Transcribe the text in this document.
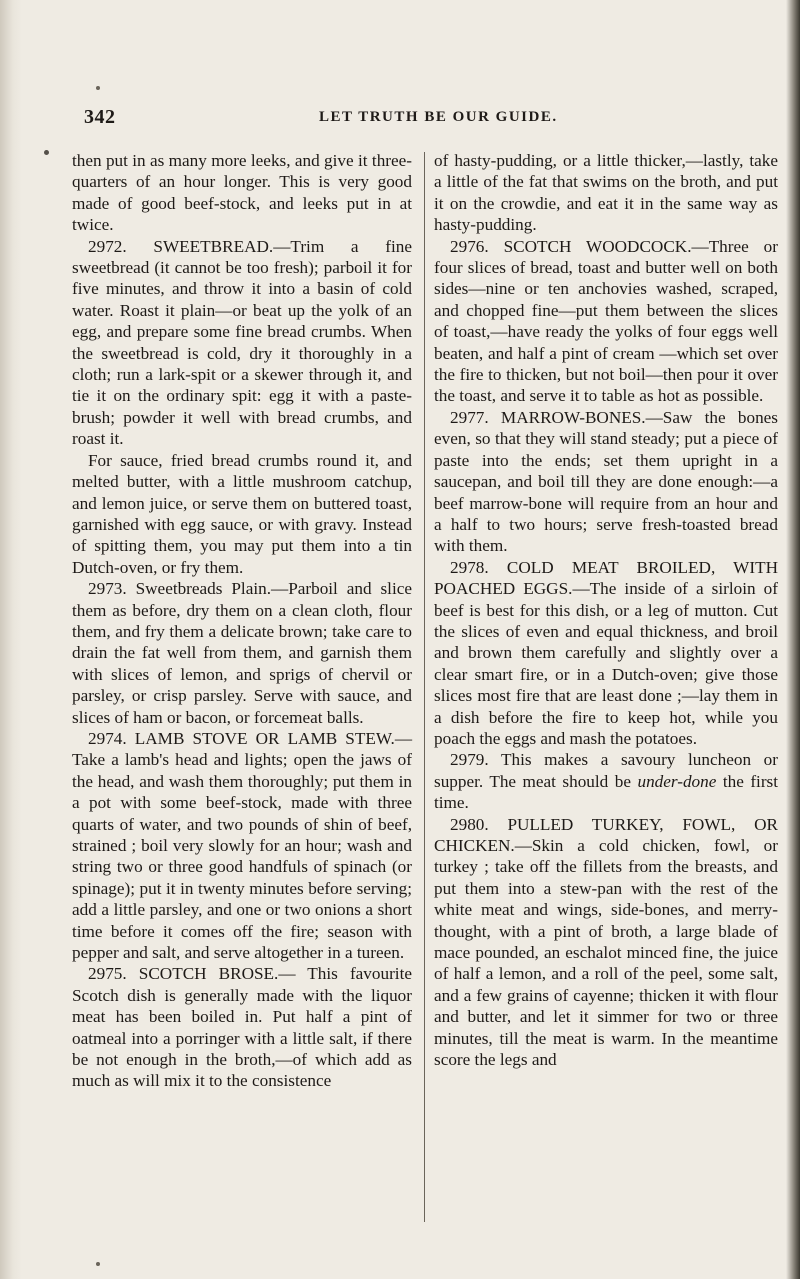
342	LET TRUTH BE OUR GUIDE.

then put in as many more leeks, and give it three-quarters of an hour longer. This is very good made of good beef-stock, and leeks put in at twice.

2972. SWEETBREAD.—Trim a fine sweetbread (it cannot be too fresh); parboil it for five minutes, and throw it into a basin of cold water. Roast it plain—or beat up the yolk of an egg, and prepare some fine bread crumbs. When the sweetbread is cold, dry it thoroughly in a cloth; run a lark-spit or a skewer through it, and tie it on the ordinary spit: egg it with a paste-brush; powder it well with bread crumbs, and roast it.

For sauce, fried bread crumbs round it, and melted butter, with a little mushroom catchup, and lemon juice, or serve them on buttered toast, garnished with egg sauce, or with gravy. Instead of spitting them, you may put them into a tin Dutch-oven, or fry them.

2973. Sweetbreads Plain.—Parboil and slice them as before, dry them on a clean cloth, flour them, and fry them a delicate brown; take care to drain the fat well from them, and garnish them with slices of lemon, and sprigs of chervil or parsley, or crisp parsley. Serve with sauce, and slices of ham or bacon, or forcemeat balls.

2974. LAMB STOVE OR LAMB STEW.—Take a lamb's head and lights; open the jaws of the head, and wash them thoroughly; put them in a pot with some beef-stock, made with three quarts of water, and two pounds of shin of beef, strained ; boil very slowly for an hour; wash and string two or three good handfuls of spinach (or spinage); put it in twenty minutes before serving; add a little parsley, and one or two onions a short time before it comes off the fire; season with pepper and salt, and serve altogether in a tureen.

2975. SCOTCH BROSE.— This favourite Scotch dish is generally made with the liquor meat has been boiled in. Put half a pint of oatmeal into a porringer with a little salt, if there be not enough in the broth,—of which add as much as will mix it to the consistence

of hasty-pudding, or a little thicker,—lastly, take a little of the fat that swims on the broth, and put it on the crowdie, and eat it in the same way as hasty-pudding.

2976. SCOTCH WOODCOCK.—Three or four slices of bread, toast and butter well on both sides—nine or ten anchovies washed, scraped, and chopped fine—put them between the slices of toast,—have ready the yolks of four eggs well beaten, and half a pint of cream —which set over the fire to thicken, but not boil—then pour it over the toast, and serve it to table as hot as possible.

2977. MARROW-BONES.—Saw the bones even, so that they will stand steady; put a piece of paste into the ends; set them upright in a saucepan, and boil till they are done enough:—a beef marrow-bone will require from an hour and a half to two hours; serve fresh-toasted bread with them.

2978. COLD MEAT BROILED, WITH POACHED EGGS.—The inside of a sirloin of beef is best for this dish, or a leg of mutton. Cut the slices of even and equal thickness, and broil and brown them carefully and slightly over a clear smart fire, or in a Dutch-oven; give those slices most fire that are least done ;—lay them in a dish before the fire to keep hot, while you poach the eggs and mash the potatoes.

2979. This makes a savoury luncheon or supper. The meat should be under-done the first time.

2980. PULLED TURKEY, FOWL, OR CHICKEN.—Skin a cold chicken, fowl, or turkey ; take off the fillets from the breasts, and put them into a stew-pan with the rest of the white meat and wings, side-bones, and merry-thought, with a pint of broth, a large blade of mace pounded, an eschalot minced fine, the juice of half a lemon, and a roll of the peel, some salt, and a few grains of cayenne; thicken it with flour and butter, and let it simmer for two or three minutes, till the meat is warm. In the meantime score the legs and
